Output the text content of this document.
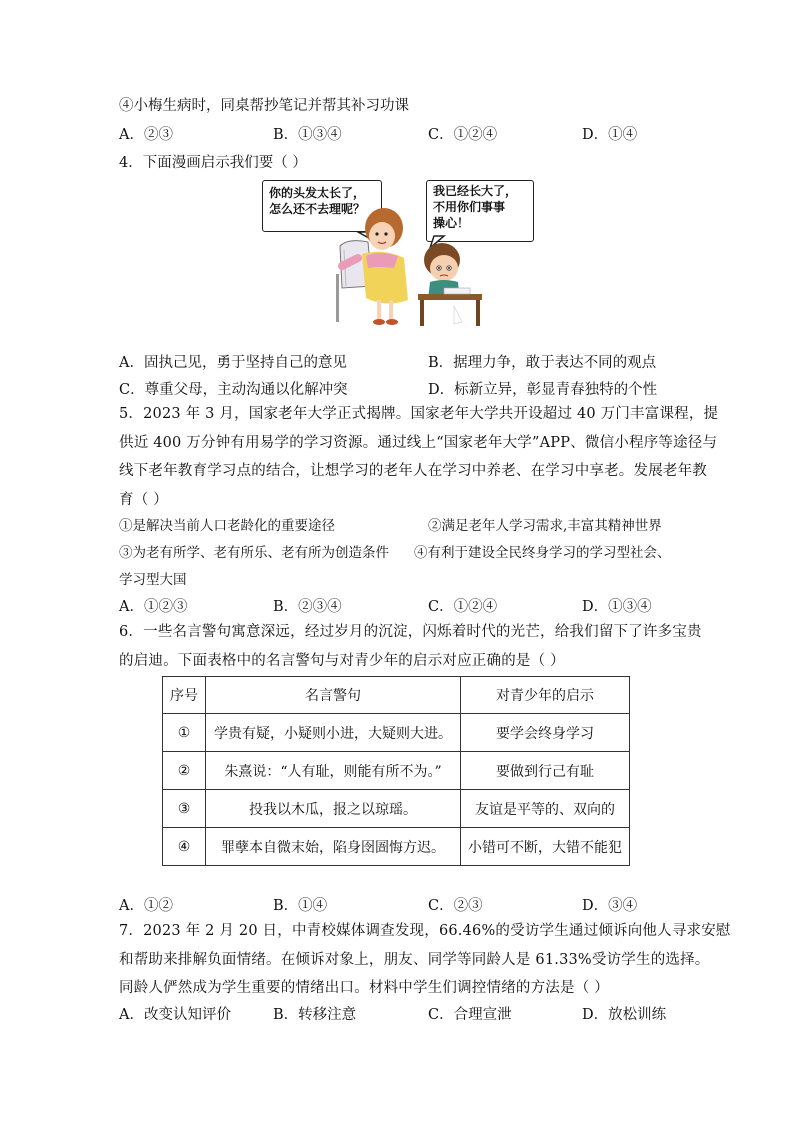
④小梅生病时，同桌帮抄笔记并帮其补习功课
A．②③	B．①③④	C．①②④	D．①④
4．下面漫画启示我们要（ ）
你的头发太长了，
怎么还不去理呢？
我已经长大了，
不用你们事事
操心！
A．固执己见，勇于坚持自己的意见	B．据理力争，敢于表达不同的观点
C．尊重父母，主动沟通以化解冲突	D．标新立异，彰显青春独特的个性
5．2023 年 3 月，国家老年大学正式揭牌。国家老年大学共开设超过 40 万门丰富课程，提
供近 400 万分钟有用易学的学习资源。通过线上“国家老年大学”APP、微信小程序等途径与
线下老年教育学习点的结合，让想学习的老年人在学习中养老、在学习中享老。发展老年教
育（ ）
①是解决当前人口老龄化的重要途径	②满足老年人学习需求,丰富其精神世界
③为老有所学、老有所乐、老有所为创造条件 ④有利于建设全民终身学习的学习型社会、
学习型大国
A．①②③	B．②③④	C．①②④	D．①③④
6．一些名言警句寓意深远，经过岁月的沉淀，闪烁着时代的光芒，给我们留下了许多宝贵
的启迪。下面表格中的名言警句与对青少年的启示对应正确的是（ ）
序号	名言警句	对青少年的启示
①	学贵有疑，小疑则小进，大疑则大进。	要学会终身学习
②	朱熹说：“人有耻，则能有所不为。”	要做到行己有耻
③	投我以木瓜，报之以琼瑶。	友谊是平等的、双向的
④	罪孽本自微末始，陷身囹圄悔方迟。	小错可不断，大错不能犯
A．①②	B．①④	C．②③	D．③④
7．2023 年 2 月 20 日，中青校媒体调查发现，66.46%的受访学生通过倾诉向他人寻求安慰
和帮助来排解负面情绪。在倾诉对象上，朋友、同学等同龄人是 61.33%受访学生的选择。
同龄人俨然成为学生重要的情绪出口。材料中学生们调控情绪的方法是（ ）
A．改变认知评价	B．转移注意	C．合理宣泄	D．放松训练
